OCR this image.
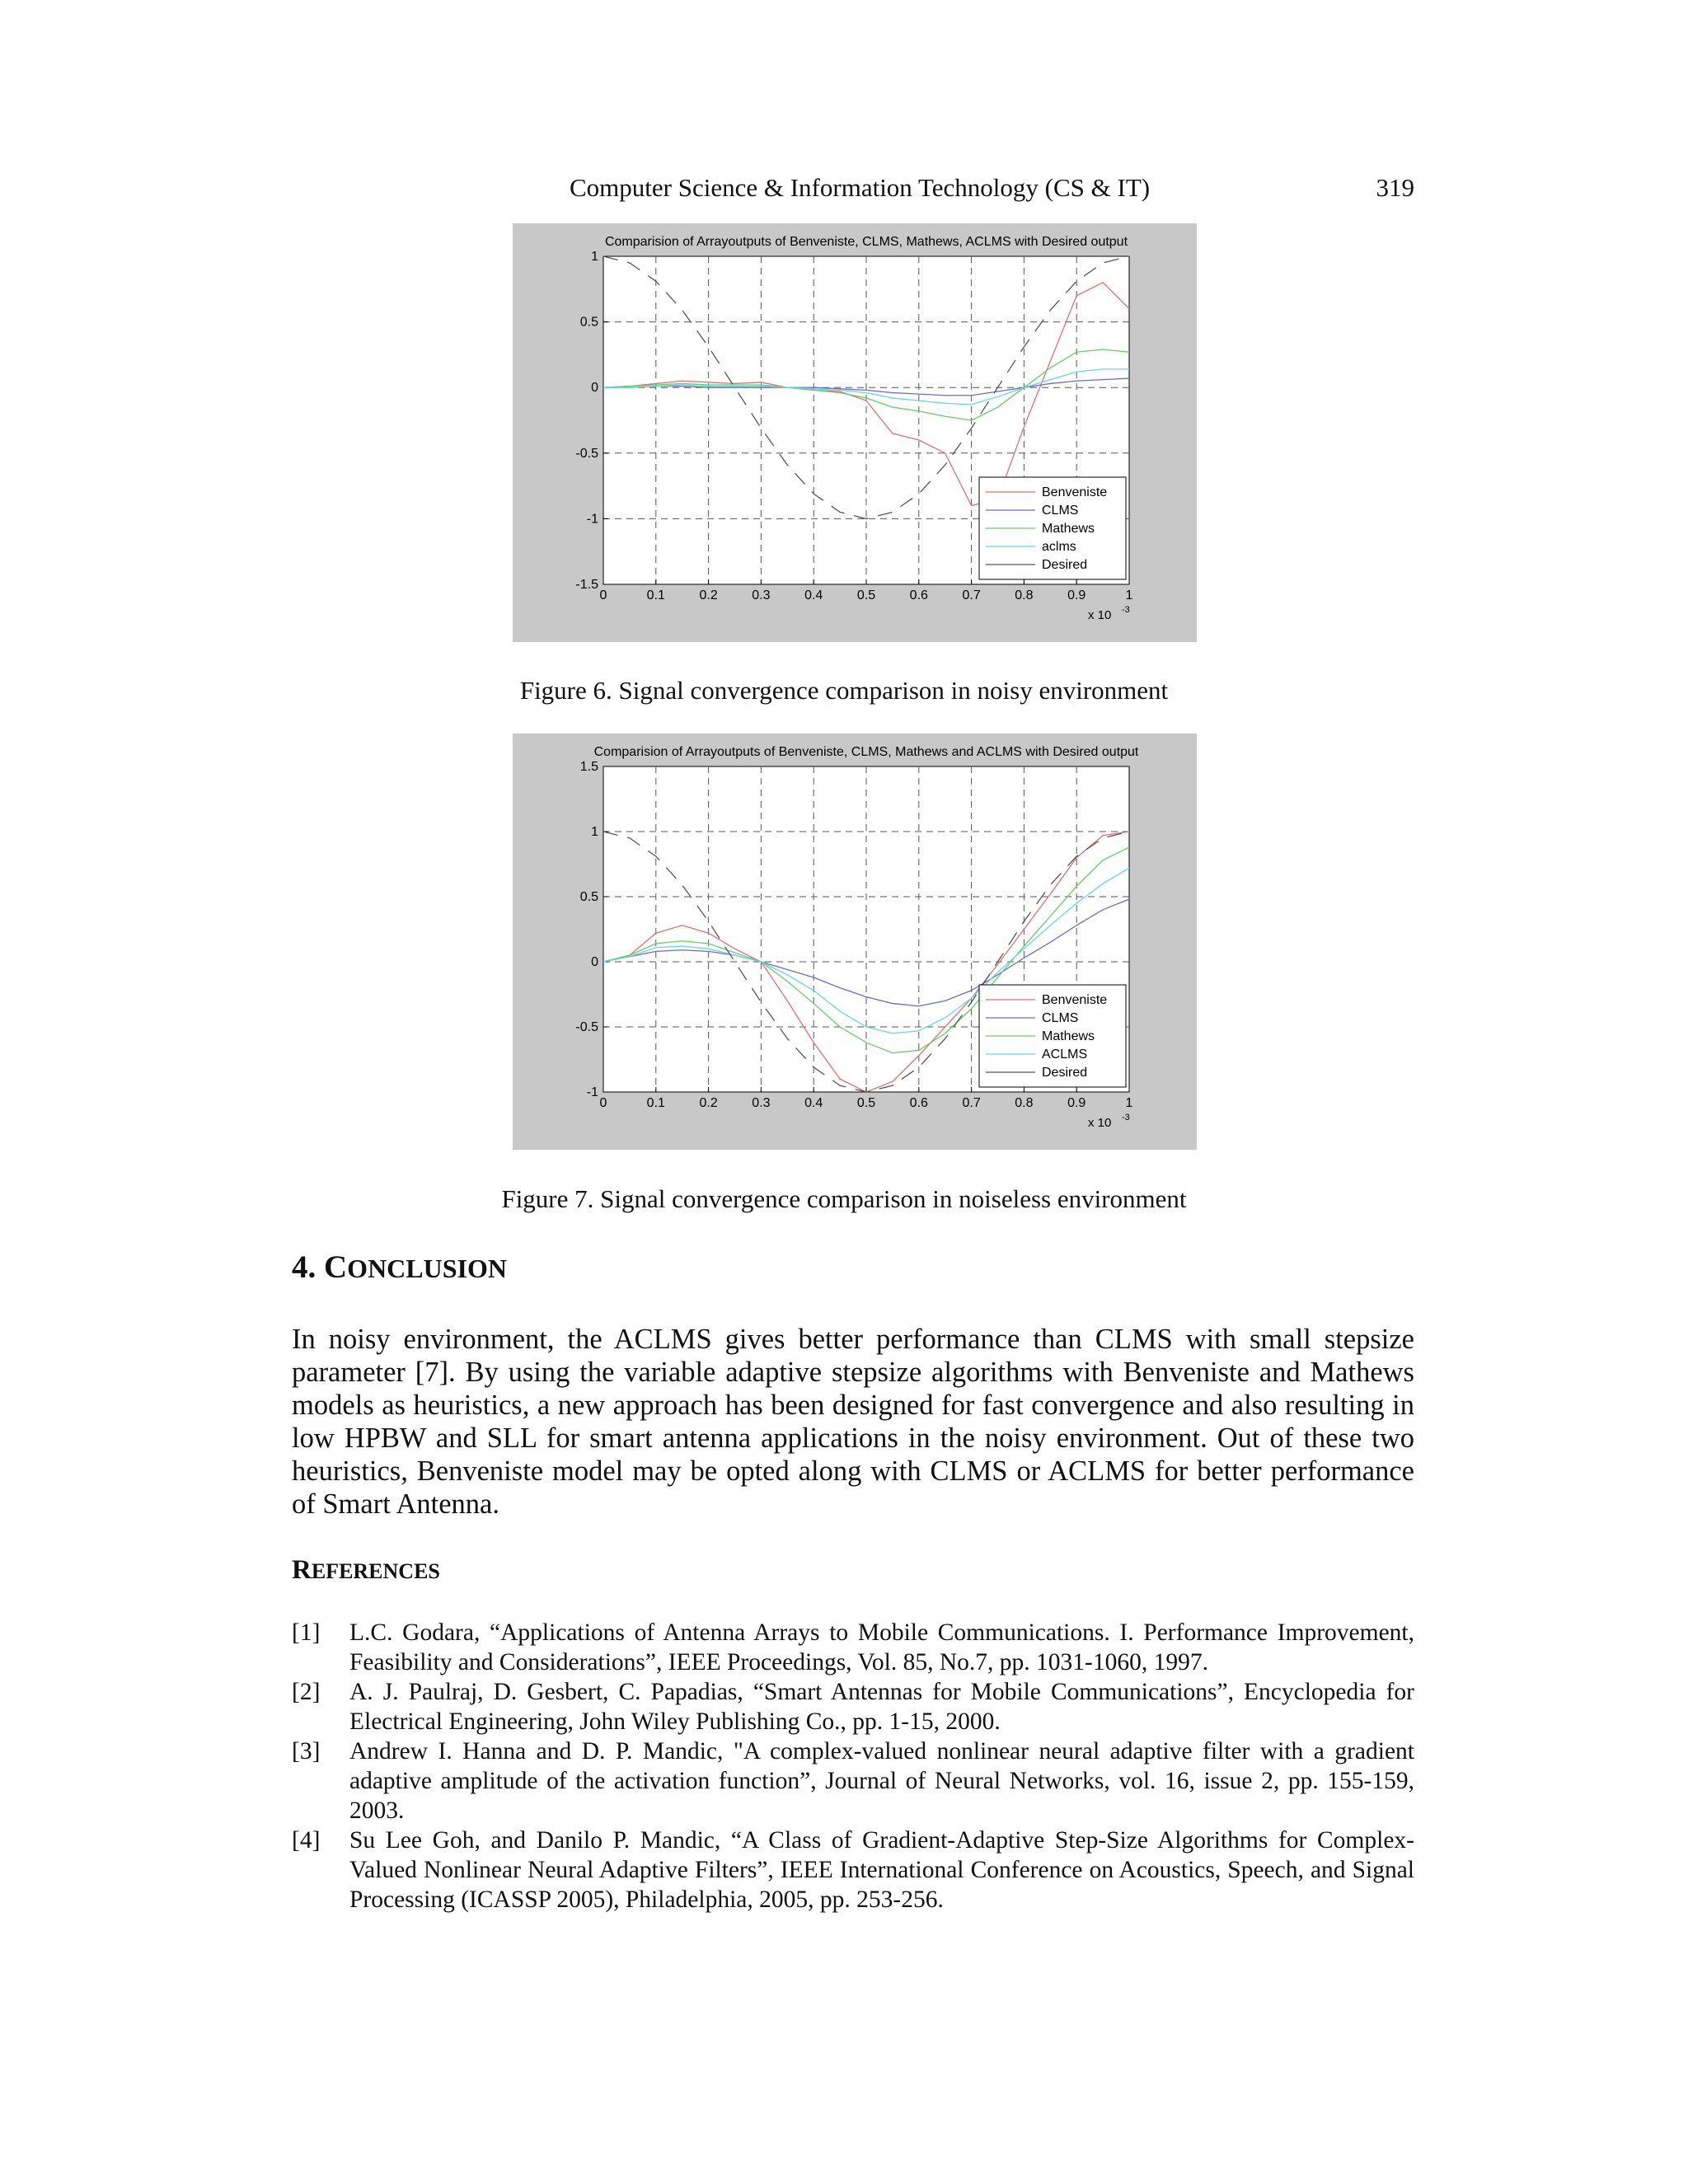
Computer Science & Information Technology (CS & IT)	319
Comparision of Arrayoutputs of Benveniste, CLMS, Mathews, ACLMS with Desired output
0	0.1	0.2	0.3	0.4	0.5	0.6	0.7	0.8	0.9	1
-1.5
-1
-0.5
0
0.5
1
x 10 -3
Benveniste
CLMS
Mathews
aclms
Desired
Figure 6. Signal convergence comparison in noisy environment
Comparision of Arrayoutputs of Benveniste, CLMS, Mathews and ACLMS with Desired output
0	0.1	0.2	0.3	0.4	0.5	0.6	0.7	0.8	0.9	1
-1
-0.5
0
0.5
1
1.5
x 10 -3
Benveniste
CLMS
Mathews
ACLMS
Desired
Figure 7. Signal convergence comparison in noiseless environment
4. CONCLUSION
In noisy environment, the ACLMS gives better performance than CLMS with small stepsize parameter [7]. By using the variable adaptive stepsize algorithms with Benveniste and Mathews models as heuristics, a new approach has been designed for fast convergence and also resulting in low HPBW and SLL for smart antenna applications in the noisy environment. Out of these two heuristics, Benveniste model may be opted along with CLMS or ACLMS for better performance of Smart Antenna.
REFERENCES
[1] L.C. Godara, “Applications of Antenna Arrays to Mobile Communications. I. Performance Improvement, Feasibility and Considerations”, IEEE Proceedings, Vol. 85, No.7, pp. 1031-1060, 1997.
[2] A. J. Paulraj, D. Gesbert, C. Papadias, “Smart Antennas for Mobile Communications”, Encyclopedia for Electrical Engineering, John Wiley Publishing Co., pp. 1-15, 2000.
[3] Andrew I. Hanna and D. P. Mandic, "A complex-valued nonlinear neural adaptive filter with a gradient adaptive amplitude of the activation function”, Journal of Neural Networks, vol. 16, issue 2, pp. 155-159, 2003.
[4] Su Lee Goh, and Danilo P. Mandic, “A Class of Gradient-Adaptive Step-Size Algorithms for Complex-Valued Nonlinear Neural Adaptive Filters”, IEEE International Conference on Acoustics, Speech, and Signal Processing (ICASSP 2005), Philadelphia, 2005, pp. 253-256.
